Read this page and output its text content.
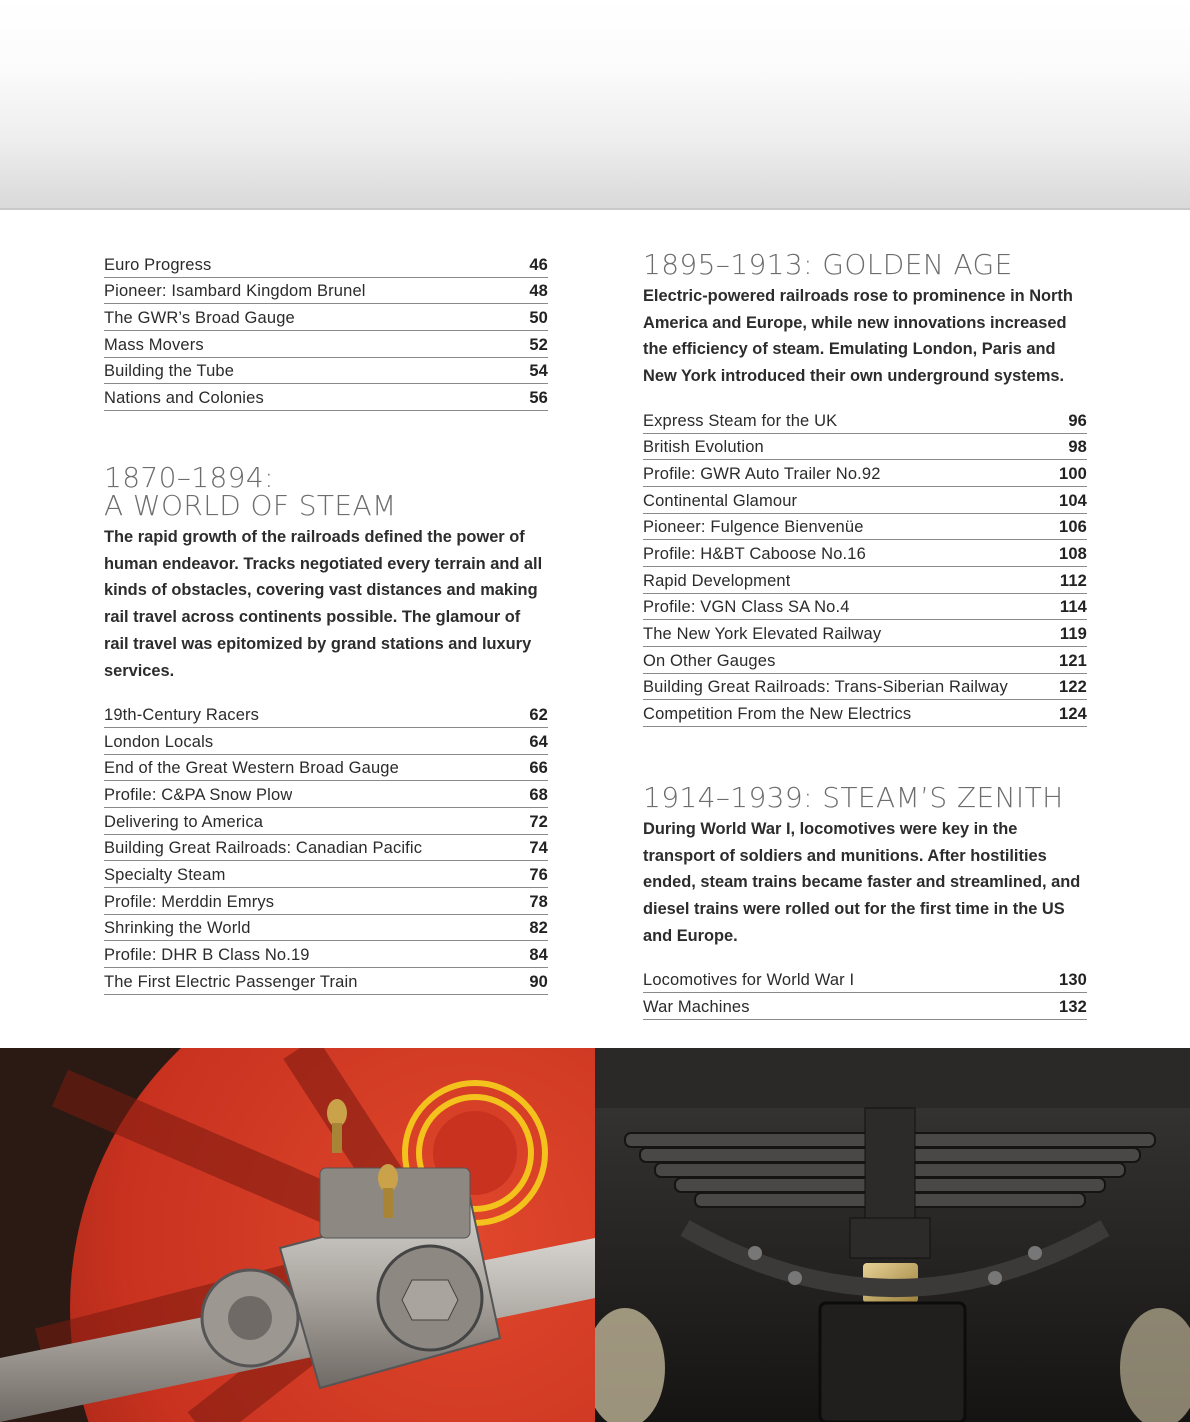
Euro Progress	46
Pioneer: Isambard Kingdom Brunel	48
The GWR’s Broad Gauge	50
Mass Movers	52
Building the Tube	54
Nations and Colonies	56
1870–1894:
A WORLD OF STEAM

The rapid growth of the railroads defined the power of human endeavor. Tracks negotiated every terrain and all kinds of obstacles, covering vast distances and making rail travel across continents possible. The glamour of rail travel was epitomized by grand stations and luxury services.

19th-Century Racers	62
London Locals	64
End of the Great Western Broad Gauge	66
Profile: C&PA Snow Plow	68
Delivering to America	72
Building Great Railroads: Canadian Pacific	74
Specialty Steam	76
Profile: Merddin Emrys	78
Shrinking the World	82
Profile: DHR B Class No.19	84
The First Electric Passenger Train	90
1895–1913: GOLDEN AGE

Electric-powered railroads rose to prominence in North America and Europe, while new innovations increased the efficiency of steam. Emulating London, Paris and New York introduced their own underground systems.

Express Steam for the UK	96
British Evolution	98
Profile: GWR Auto Trailer No.92	100
Continental Glamour	104
Pioneer: Fulgence Bienvenüe	106
Profile: H&BT Caboose No.16	108
Rapid Development	112
Profile: VGN Class SA No.4	114
The New York Elevated Railway	119
On Other Gauges	121
Building Great Railroads: Trans-Siberian Railway	122
Competition From the New Electrics	124
1914–1939: STEAM’S ZENITH

During World War I, locomotives were key in the transport of soldiers and munitions. After hostilities ended, steam trains became faster and streamlined, and diesel trains were rolled out for the first time in the US and Europe.

Locomotives for World War I	130
War Machines	132
